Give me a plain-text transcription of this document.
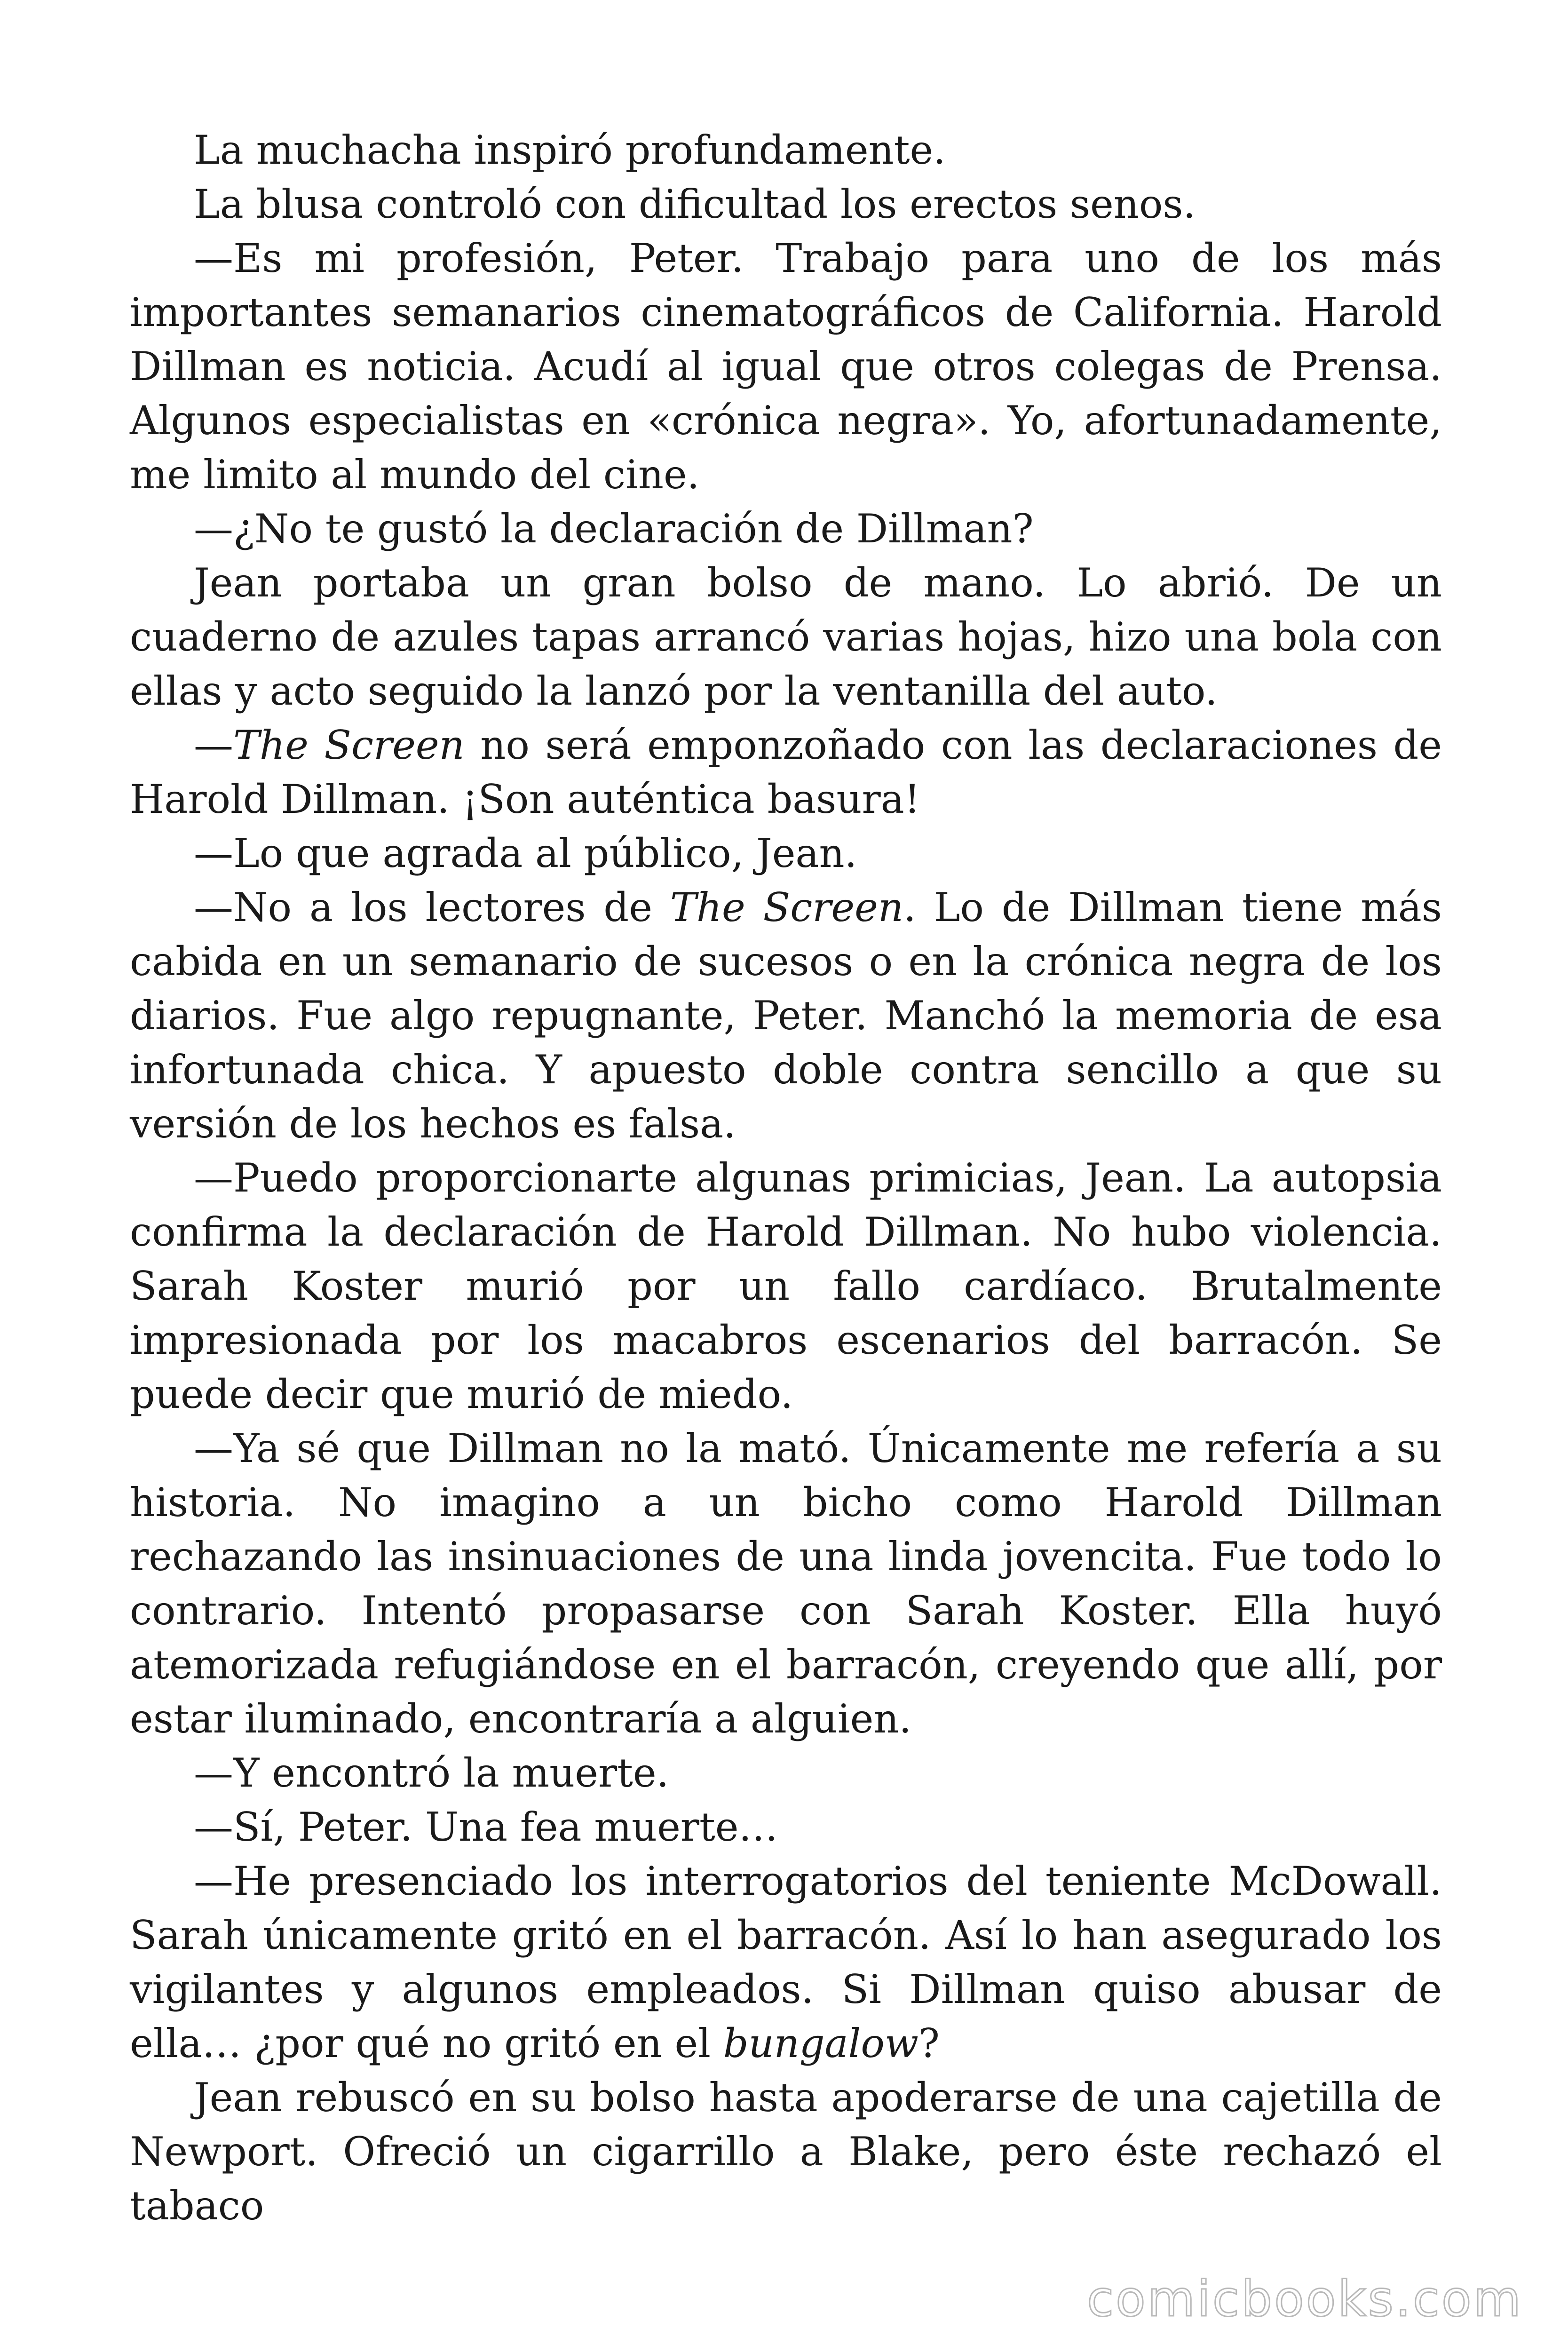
La muchacha inspiró profundamente.

La blusa controló con dificultad los erectos senos.

—Es mi profesión, Peter. Trabajo para uno de los más importantes semanarios cinematográficos de California. Harold Dillman es noticia. Acudí al igual que otros colegas de Prensa. Algunos especialistas en «crónica negra». Yo, afortunadamente, me limito al mundo del cine.

—¿No te gustó la declaración de Dillman?

Jean portaba un gran bolso de mano. Lo abrió. De un cuaderno de azules tapas arrancó varias hojas, hizo una bola con ellas y acto seguido la lanzó por la ventanilla del auto.

—The Screen no será emponzoñado con las declaraciones de Harold Dillman. ¡Son auténtica basura!

—Lo que agrada al público, Jean.

—No a los lectores de The Screen. Lo de Dillman tiene más cabida en un semanario de sucesos o en la crónica negra de los diarios. Fue algo repugnante, Peter. Manchó la memoria de esa infortunada chica. Y apuesto doble contra sencillo a que su versión de los hechos es falsa.

—Puedo proporcionarte algunas primicias, Jean. La autopsia confirma la declaración de Harold Dillman. No hubo violencia. Sarah Koster murió por un fallo cardíaco. Brutalmente impresionada por los macabros escenarios del barracón. Se puede decir que murió de miedo.

—Ya sé que Dillman no la mató. Únicamente me refería a su historia. No imagino a un bicho como Harold Dillman rechazando las insinuaciones de una linda jovencita. Fue todo lo contrario. Intentó propasarse con Sarah Koster. Ella huyó atemorizada refugiándose en el barracón, creyendo que allí, por estar iluminado, encontraría a alguien.

—Y encontró la muerte.

—Sí, Peter. Una fea muerte…

—He presenciado los interrogatorios del teniente McDowall. Sarah únicamente gritó en el barracón. Así lo han asegurado los vigilantes y algunos empleados. Si Dillman quiso abusar de ella… ¿por qué no gritó en el bungalow?

Jean rebuscó en su bolso hasta apoderarse de una cajetilla de Newport. Ofreció un cigarrillo a Blake, pero éste rechazó el tabaco

comicbooks.com
